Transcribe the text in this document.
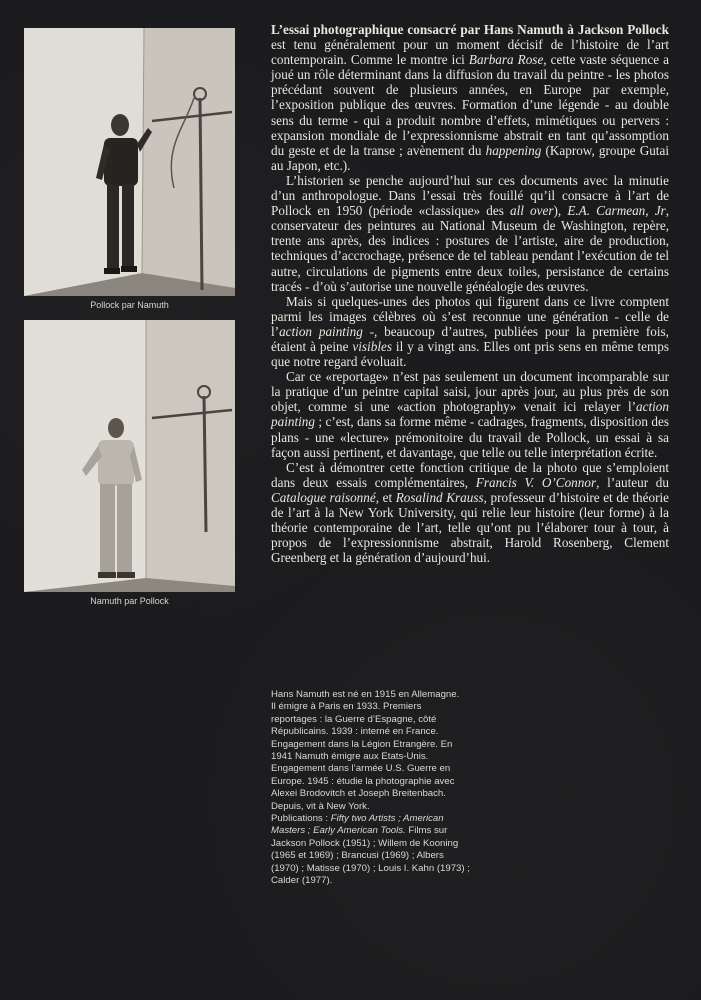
Pollock par Namuth
Namuth par Pollock

L’essai photographique consacré par Hans Namuth à Jackson Pollock est tenu généralement pour un moment décisif de l’histoire de l’art contemporain. Comme le montre ici Barbara Rose, cette vaste séquence a joué un rôle déterminant dans la diffusion du travail du peintre - les photos précédant souvent de plusieurs années, en Europe par exemple, l’exposition publique des œuvres. Formation d’une légende - au double sens du terme - qui a produit nombre d’effets, mimétiques ou pervers : expansion mondiale de l’expressionnisme abstrait en tant qu’assomption du geste et de la transe ; avènement du happening (Kaprow, groupe Gutai au Japon, etc.).

L’historien se penche aujourd’hui sur ces documents avec la minutie d’un anthropologue. Dans l’essai très fouillé qu’il consacre à l’art de Pollock en 1950 (période «classique» des all over), E.A. Carmean, Jr, conservateur des peintures au National Museum de Washington, repère, trente ans après, des indices : postures de l’artiste, aire de production, techniques d’accrochage, présence de tel tableau pendant l’exécution de tel autre, circulations de pigments entre deux toiles, persistance de certains tracés - d’où s’autorise une nouvelle généalogie des œuvres.

Mais si quelques-unes des photos qui figurent dans ce livre comptent parmi les images célèbres où s’est reconnue une génération - celle de l’action painting -, beaucoup d’autres, publiées pour la première fois, étaient à peine visibles il y a vingt ans. Elles ont pris sens en même temps que notre regard évoluait.

Car ce «reportage» n’est pas seulement un document incomparable sur la pratique d’un peintre capital saisi, jour après jour, au plus près de son objet, comme si une «action photography» venait ici relayer l’action painting ; c’est, dans sa forme même - cadrages, fragments, disposition des plans - une «lecture» prémonitoire du travail de Pollock, un essai à sa façon aussi pertinent, et davantage, que telle ou telle interprétation écrite.

C’est à démontrer cette fonction critique de la photo que s’emploient dans deux essais complémentaires, Francis V. O’Connor, l’auteur du Catalogue raisonné, et Rosalind Krauss, professeur d’histoire et de théorie de l’art à la New York University, qui relie leur histoire (leur forme) à la théorie contemporaine de l’art, telle qu’ont pu l’élaborer tour à tour, à propos de l’expressionnisme abstrait, Harold Rosenberg, Clement Greenberg et la génération d’aujourd’hui.

Hans Namuth est né en 1915 en Allemagne.
Il émigre à Paris en 1933. Premiers
reportages : la Guerre d’Espagne, côté
Républicains. 1939 : interné en France.
Engagement dans la Légion Etrangère. En
1941 Namuth émigre aux Etats-Unis.
Engagement dans l’armée U.S. Guerre en
Europe. 1945 : étudie la photographie avec
Alexei Brodovitch et Joseph Breitenbach.
Depuis, vit à New York.
Publications : Fifty two Artists ; American
Masters ; Early American Tools. Films sur
Jackson Pollock (1951) ; Willem de Kooning
(1965 et 1969) ; Brancusi (1969) ; Albers
(1970) ; Matisse (1970) ; Louis I. Kahn (1973) ;
Calder (1977).
